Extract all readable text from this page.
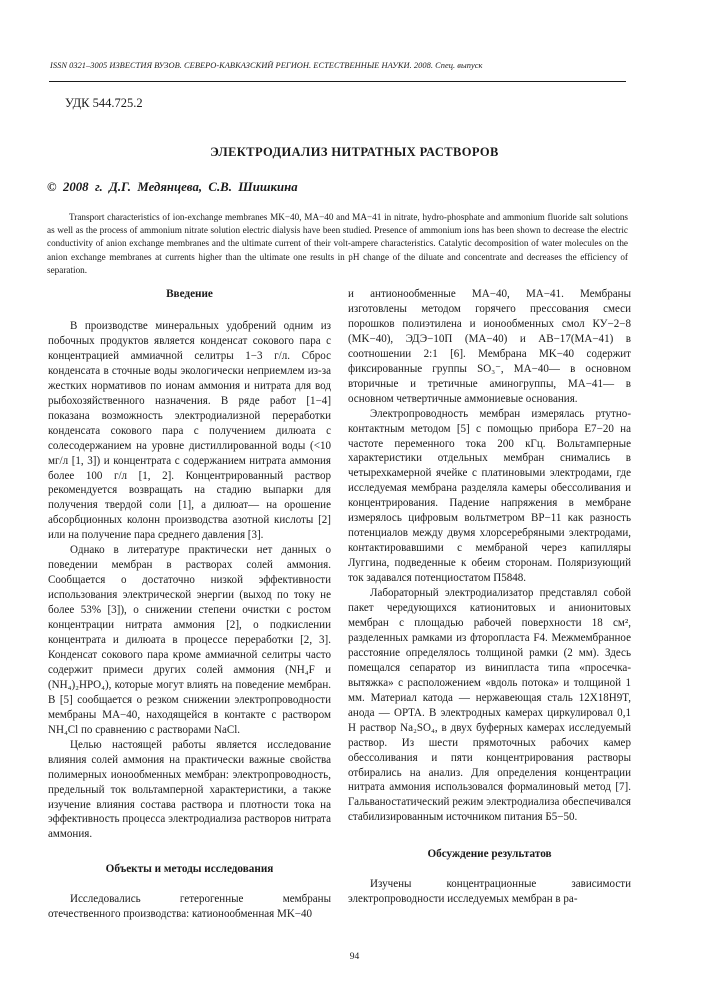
ISSN 0321–3005 ИЗВЕСТИЯ ВУЗОВ. СЕВЕРО-КАВКАЗСКИЙ РЕГИОН. ЕСТЕСТВЕННЫЕ НАУКИ. 2008. Спец. выпуск
УДК 544.725.2
ЭЛЕКТРОДИАЛИЗ НИТРАТНЫХ РАСТВОРОВ
©  2008  г.  Д.Г.  Медянцева,  С.В.  Шишкина

Transport characteristics of ion-exchange membranes MK−40, MA−40 and MA−41 in nitrate, hydro-phosphate and ammonium fluoride salt solutions as well as the process of ammonium nitrate solution electric dialysis have been studied. Presence of ammonium ions has been shown to decrease the electric conductivity of anion exchange membranes and the ultimate current of their volt-ampere characteristics. Catalytic decomposition of water molecules on the anion exchange membranes at currents higher than the ultimate one results in pH change of the diluate and concentrate and decreases the efficiency of separation.

Введение

В производстве минеральных удобрений одним из побочных продуктов является конденсат сокового пара с концентрацией аммиачной селитры 1−3 г/л. Сброс конденсата в сточные воды экологически неприемлем из-за жестких нормативов по ионам аммония и нитрата для вод рыбохозяйственного назначения. В ряде работ [1−4] показана возможность электродиализной переработки конденсата сокового пара с получением дилюата с солесодержанием на уровне дистиллированной воды (<10 мг/л [1, 3]) и концентрата с содержанием нитрата аммония более 100 г/л [1, 2]. Концентрированный раствор рекомендуется возвращать на стадию выпарки для получения твердой соли [1], а дилюат— на орошение абсорбционных колонн производства азотной кислоты [2] или на получение пара среднего давления [3].

Однако в литературе практически нет данных о поведении мембран в растворах солей аммония. Сообщается о достаточно низкой эффективности использования электрической энергии (выход по току не более 53% [3]), о снижении степени очистки с ростом концентрации нитрата аммония [2], о подкислении концентрата и дилюата в процессе переработки [2, 3]. Конденсат сокового пара кроме аммиачной селитры часто содержит примеси других солей аммония (NH₄F и (NH₄)₂HPO₄), которые могут влиять на поведение мембран. В [5] сообщается о резком снижении электропроводности мембраны MA−40, находящейся в контакте с раствором NH₄Cl по сравнению с растворами NaCl.

Целью настоящей работы является исследование влияния солей аммония на практически важные свойства полимерных ионообменных мембран: электропроводность, предельный ток вольтамперной характеристики, а также изучение влияния состава раствора и плотности тока на эффективность процесса электродиализа растворов нитрата аммония.

Объекты и методы исследования

Исследовались гетерогенные мембраны отечественного производства: катионообменная MK−40

и антионообменные MA−40, MA−41. Мембраны изготовлены методом горячего прессования смеси порошков полиэтилена и ионообменных смол КУ−2−8 (MK−40), ЭДЭ−10П (MA−40) и AB−17(MA−41) в соотношении 2:1 [6]. Мембрана MK−40 содержит фиксированные группы SO₃⁻, MA−40— в основном вторичные и третичные аминогруппы, MA−41— в основном четвертичные аммониевые основания.

Электропроводность мембран измерялась ртутно-контактным методом [5] с помощью прибора E7−20 на частоте переменного тока 200 кГц. Вольтамперные характеристики отдельных мембран снимались в четырехкамерной ячейке с платиновыми электродами, где исследуемая мембрана разделяла камеры обессоливания и концентрирования. Падение напряжения в мембране измерялось цифровым вольтметром BP−11 как разность потенциалов между двумя хлорсеребряными электродами, контактировавшими с мембраной через капилляры Луггина, подведенные к обеим сторонам. Поляризующий ток задавался потенциостатом П5848.

Лабораторный электродиализатор представлял собой пакет чередующихся катионитовых и анионитовых мембран с площадью рабочей поверхности 18 см², разделенных рамками из фторопласта F4. Межмембранное расстояние определялось толщиной рамки (2 мм). Здесь помещался сепаратор из винипласта типа «просечка-вытяжка» с расположением «вдоль потока» и толщиной 1 мм. Материал катода — нержавеющая сталь 12X18H9T, анода — OPTA. В электродных камерах циркулировал 0,1 Н раствор Na₂SO₄, в двух буферных камерах исследуемый раствор. Из шести прямоточных рабочих камер обессоливания и пяти концентрирования растворы отбирались на анализ. Для определения концентрации нитрата аммония использовался формалиновый метод [7]. Гальваностатический режим электродиализа обеспечивался стабилизированным источником питания Б5−50.

Обсуждение результатов

Изучены концентрационные зависимости электропроводности исследуемых мембран в ра-

94
